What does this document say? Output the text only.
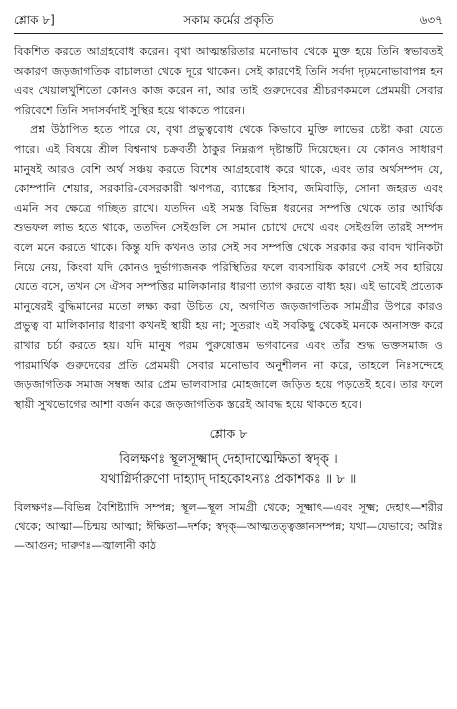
শ্লোক ৮]	সকাম কর্মের প্রকৃতি	৬৩৭

বিকশিত করতে আগ্রহবোধ করেন। বৃথা আত্মন্তরিতার মনোভাব থেকে মুক্ত হয়ে তিনি স্বভাবতই অকারণ জড়জাগতিক বাচালতা থেকে দূরে থাকেন। সেই কারণেই তিনি সর্বদা দৃঢ়মনোভাবাপন্ন হন এবং খেয়ালখুশিতো কোনও কাজ করেন না, আর তাই গুরুদেবের শ্রীচরণকমলে প্রেমময়ী সেবার পরিবেশে তিনি সদাসর্বদাই সুস্থির হয়ে থাকতে পারেন।

প্রশ্ন উঠাপিত হতে পারে যে, বৃথা প্রভুত্ববোধ থেকে কিভাবে মুক্তি লাভের চেষ্টা করা যেতে পারে। এই বিষয়ে শ্রীল বিশ্বনাথ চক্রবর্তী ঠাকুর নিম্নরূপ দৃষ্টান্তটি দিয়েছেন। যে কোনও সাধারণ মানুষই আরও বেশি অর্থ সঞ্চয় করতে বিশেষ আগ্রহবোধ করে থাকে, এবং তার অর্থসম্পদ যে, কোম্পানি শেয়ার, সরকারি-বেসরকারী ঋণপত্র, ব্যাঙ্কের হিসাব, জমিবাড়ি, সোনা জহরত এবং এমনি সব ক্ষেত্রে গচ্ছিত রাখে। যতদিন এই সমস্ত বিভিন্ন ধরনের সম্পত্তি থেকে তার আর্থিক শুভফল লাভ হতে থাকে, ততদিন সেইগুলি সে সমান চোখে দেখে এবং সেইগুলি তারই সম্পদ বলে মনে করতে থাকে। কিন্তু যদি কখনও তার সেই সব সম্পত্তি থেকে সরকার কর বাবদ খানিকটা নিয়ে নেয়, কিংবা যদি কোনও দুর্ভাগ্যজনক পরিস্থিতির ফলে ব্যবসায়িক কারণে সেই সব হারিয়ে যেতে বসে, তখন সে ঐসব সম্পত্তির মালিকানার ধারণা ত্যাগ করতে বাধ্য হয়। এই ভাবেই প্রত্যেক মানুষেরই বুদ্ধিমানের মতো লক্ষ্য করা উচিত যে, অগণিত জড়জাগতিক সামগ্রীর উপরে কারও প্রভুত্ব বা মালিকানার ধারণা কখনই স্থায়ী হয় না; সুতরাং এই সবকিছু থেকেই মনকে অনাসক্ত করে রাখার চর্চা করতে হয়। যদি মানুষ পরম পুরুষোত্তম ভগবানের এবং তাঁর শুদ্ধ ভক্তসমাজ ও পারমার্থিক গুরুদেবের প্রতি প্রেমময়ী সেবার মনোভাব অনুশীলন না করে, তাহলে নিঃসন্দেহে জড়জাগতিক সমাজ সম্বন্ধ আর প্রেম ভালবাসার মোহজালে জড়িত হয়ে পড়তেই হবে। তার ফলে স্থায়ী সুখভোগের আশা বর্জন করে জড়জাগতিক স্তরেই আবদ্ধ হয়ে থাকতে হবে।

শ্লোক ৮
বিলক্ষণঃ স্থূলসূক্ষ্মাদ্ দেহাদাত্মেক্ষিতা স্বদৃক্ ।
যথাগ্নির্দারুণো দাহ্যাদ্ দাহকোঽন্যঃ প্রকাশকঃ ॥ ৮ ॥

বিলক্ষণঃ—বিভিন্ন বৈশিষ্ট্যাদি সম্পন্ন; স্থূল—স্থূল সামগ্রী থেকে; সূক্ষ্মাৎ—এবং সূক্ষ্ম; দেহাৎ—শরীর থেকে; আত্মা—চিন্ময় আত্মা; ঈক্ষিতা—দর্শক; স্বদৃক্—আত্মতত্ত্বজ্ঞানসম্পন্ন; যথা—যেভাবে; অগ্নিঃ—আগুন; দারুণঃ—জ্বালানী কাঠ
